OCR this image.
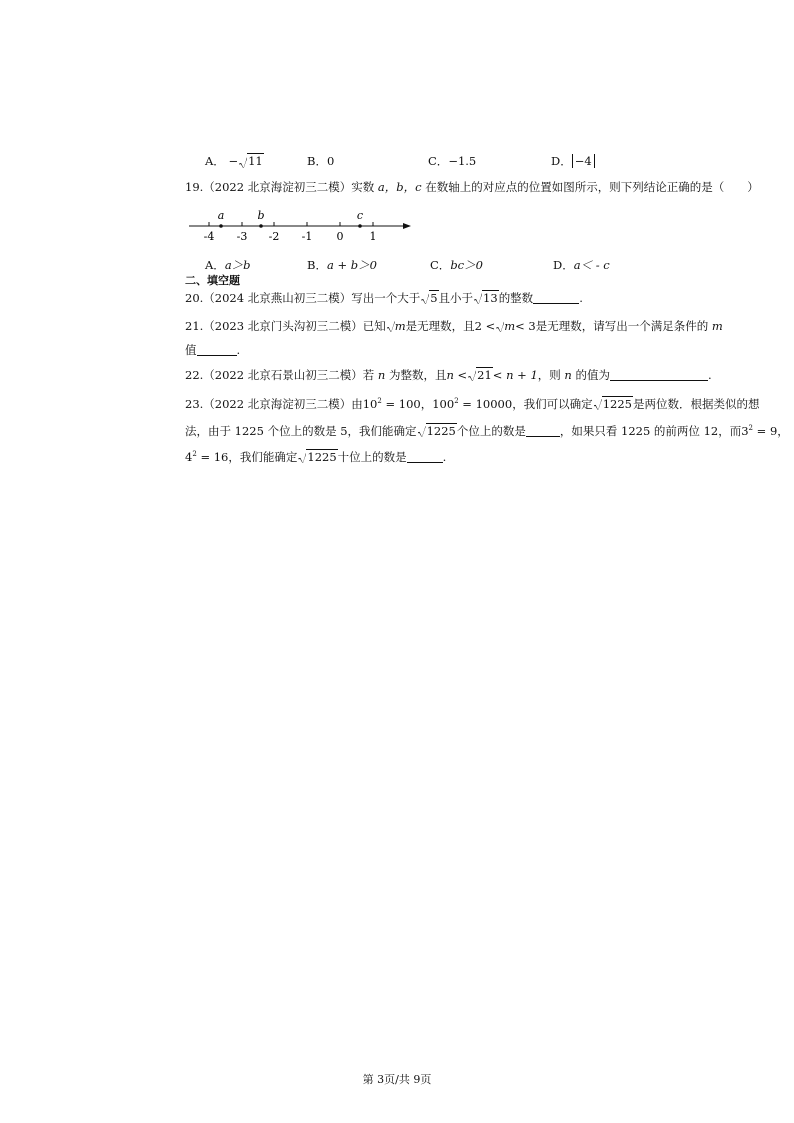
A． − 11	B．0	C．−1.5	D． −4
19.（2022 北京海淀初三二模）实数 a，b，c 在数轴上的对应点的位置如图所示，则下列结论正确的是（　　）
-4 -3 -2 -1 0 1
a	b	c
A．a＞b	B．a + b＞0	C．bc＞0	D．a＜ - c
二、填空题
20.（2024 北京燕山初三二模）写出一个大于 5且小于 13的整数	.
21.（2023 北京门头沟初三二模）已知 m是无理数，且2 < m< 3是无理数，请写出一个满足条件的 m
值	.
22.（2022 北京石景山初三二模）若 n 为整数，且n < 21< n + 1，则 n 的值为	.
23.（2022 北京海淀初三二模）由$10^2 = 100$，$100^2 = 10000$，我们可以确定 1225是两位数．根据类似的想
法，由于 1225 个位上的数是 5，我们能确定 1225个位上的数是	，如果只看 1225 的前两位 12，而$3^2 = 9$，
$4^2 = 16$，我们能确定 1225十位上的数是	.
第 3页/共 9页
